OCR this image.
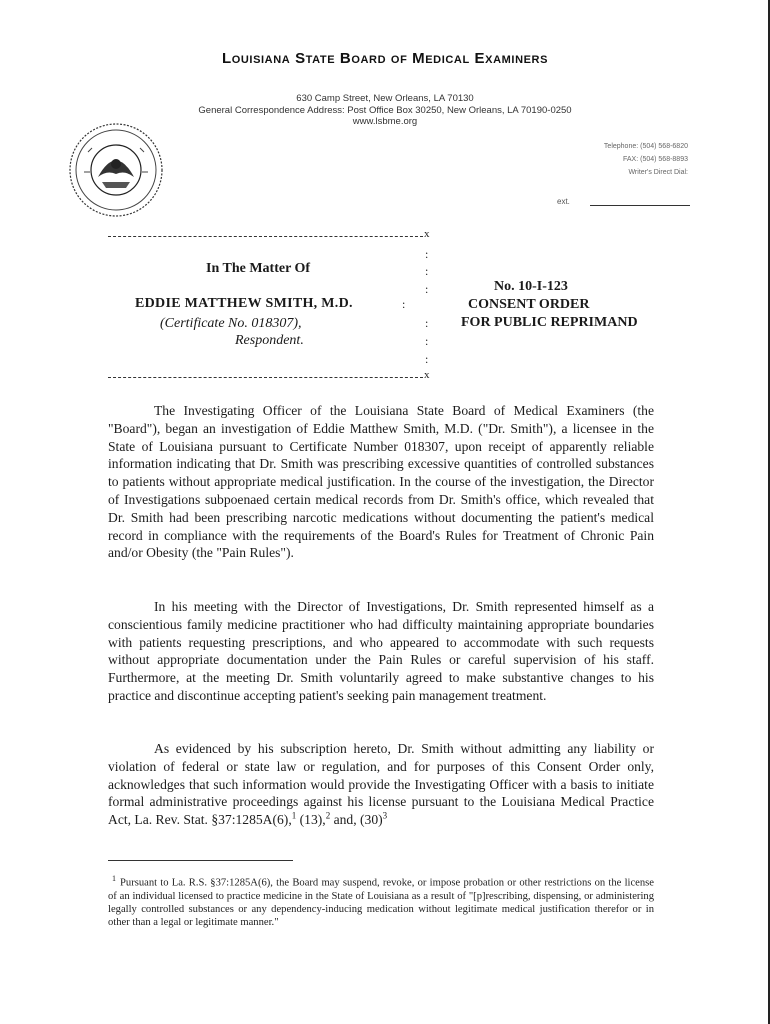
Louisiana State Board of Medical Examiners
630 Camp Street, New Orleans, LA 70130
General Correspondence Address: Post Office Box 30250, New Orleans, LA 70190-0250
www.lsbme.org
Telephone: (504) 568-6820
FAX: (504) 568-8893
Writer's Direct Dial:
ext.
x
x
:
:
:
:
:
:
In The Matter Of
EDDIE MATTHEW SMITH, M.D.	:
(Certificate No. 018307),
Respondent.
No. 10-I-123
CONSENT ORDER
FOR PUBLIC REPRIMAND

The Investigating Officer of the Louisiana State Board of Medical Examiners (the "Board"), began an investigation of Eddie Matthew Smith, M.D. ("Dr. Smith"), a licensee in the State of Louisiana pursuant to Certificate Number 018307, upon receipt of apparently reliable information indicating that Dr. Smith was prescribing excessive quantities of controlled substances to patients without appropriate medical justification. In the course of the investigation, the Director of Investigations subpoenaed certain medical records from Dr. Smith's office, which revealed that Dr. Smith had been prescribing narcotic medications without documenting the patient's medical record in compliance with the requirements of the Board's Rules for Treatment of Chronic Pain and/or Obesity (the "Pain Rules").

In his meeting with the Director of Investigations, Dr. Smith represented himself as a conscientious family medicine practitioner who had difficulty maintaining appropriate boundaries with patients requesting prescriptions, and who appeared to accommodate with such requests without appropriate documentation under the Pain Rules or careful supervision of his staff. Furthermore, at the meeting Dr. Smith voluntarily agreed to make substantive changes to his practice and discontinue accepting patient's seeking pain management treatment.

As evidenced by his subscription hereto, Dr. Smith without admitting any liability or violation of federal or state law or regulation, and for purposes of this Consent Order only, acknowledges that such information would provide the Investigating Officer with a basis to initiate formal administrative proceedings against his license pursuant to the Louisiana Medical Practice Act, La. Rev. Stat. §37:1285A(6),$^1$ (13),$^2$ and, $(30)^3$

$^1$ Pursuant to La. R.S. §37:1285A(6), the Board may suspend, revoke, or impose probation or other restrictions on the license of an individual licensed to practice medicine in the State of Louisiana as a result of "[p]rescribing, dispensing, or administering legally controlled substances or any dependency-inducing medication without legitimate medical justification therefor or in other than a legal or legitimate manner."
